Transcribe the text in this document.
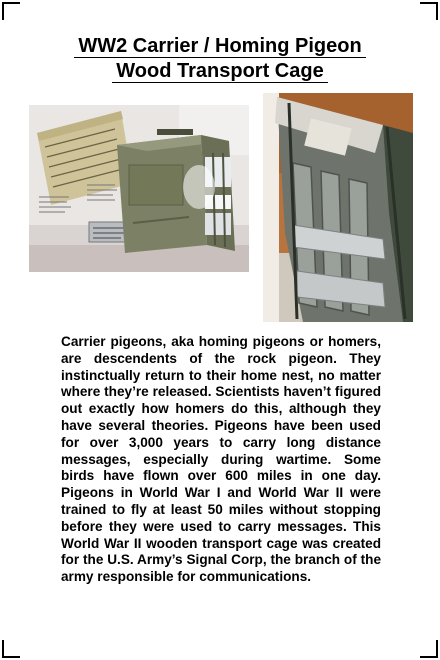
WW2 Carrier / Homing Pigeon
Wood Transport Cage

Carrier pigeons, aka homing pigeons or homers, are descendents of the rock pigeon. They instinctually return to their home nest, no matter where they’re released. Scientists haven’t figured out exactly how homers do this, although they have several theories. Pigeons have been used for over 3,000 years to carry long distance messages, especially during wartime. Some birds have flown over 600 miles in one day. Pigeons in World War I and World War II were trained to fly at least 50 miles without stopping before they were used to carry messages. This World War II wooden transport cage was created for the U.S. Army’s Signal Corp, the branch of the army responsible for communications.
